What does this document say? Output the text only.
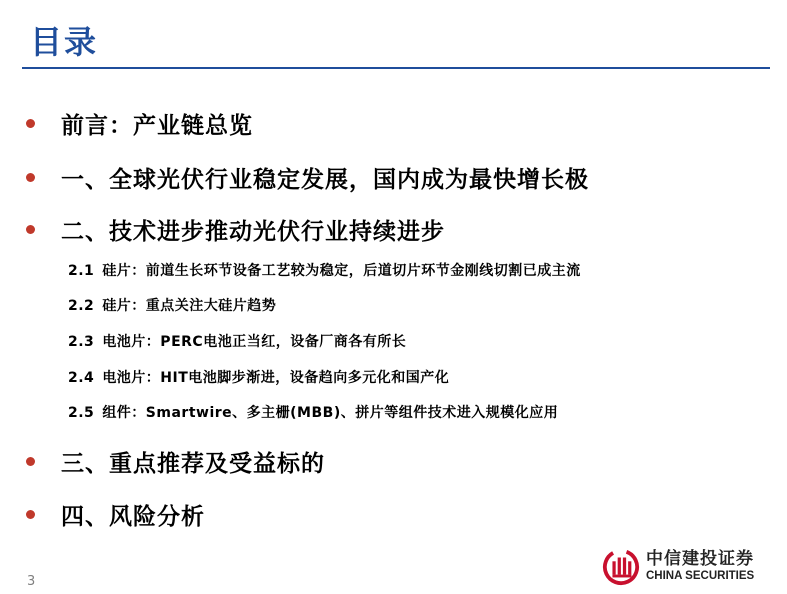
目录
前言：产业链总览
一、全球光伏行业稳定发展，国内成为最快增长极
二、技术进步推动光伏行业持续进步
2.1 硅片：前道生长环节设备工艺较为稳定，后道切片环节金刚线切割已成主流
2.2 硅片：重点关注大硅片趋势
2.3 电池片：PERC电池正当红，设备厂商各有所长
2.4 电池片：HIT电池脚步渐进，设备趋向多元化和国产化
2.5 组件：Smartwire、多主栅(MBB)、拼片等组件技术进入规模化应用
三、重点推荐及受益标的
四、风险分析
3
中信建投证券
CHINA SECURITIES
